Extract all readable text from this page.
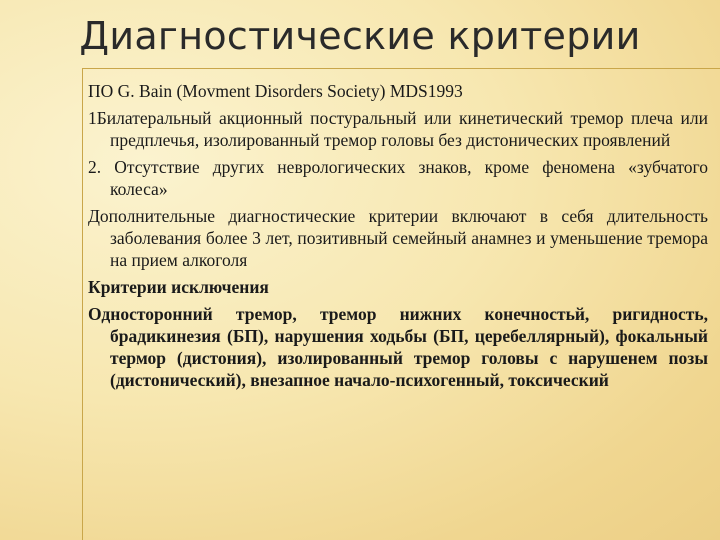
Диагностические критерии

ПО G. Bain (Movment Disorders Society) MDS1993

1Билатеральный акционный постуральный или кинетический тремор плеча или предплечья, изолированный тремор головы без дистонических проявлений

2. Отсутствие других неврологических знаков, кроме феномена «зубчатого колеса»

Дополнительные диагностические критерии включают в себя длительность заболевания более 3 лет, позитивный семейный анамнез и уменьшение тремора на прием алкоголя

Критерии исключения

Односторонний тремор, тремор нижних конечностьй, ригидность, брадикинезия (БП), нарушения ходьбы (БП, церебеллярный), фокальный термор (дистония), изолированный тремор головы с нарушенем позы (дистонический), внезапное начало-психогенный, токсический
